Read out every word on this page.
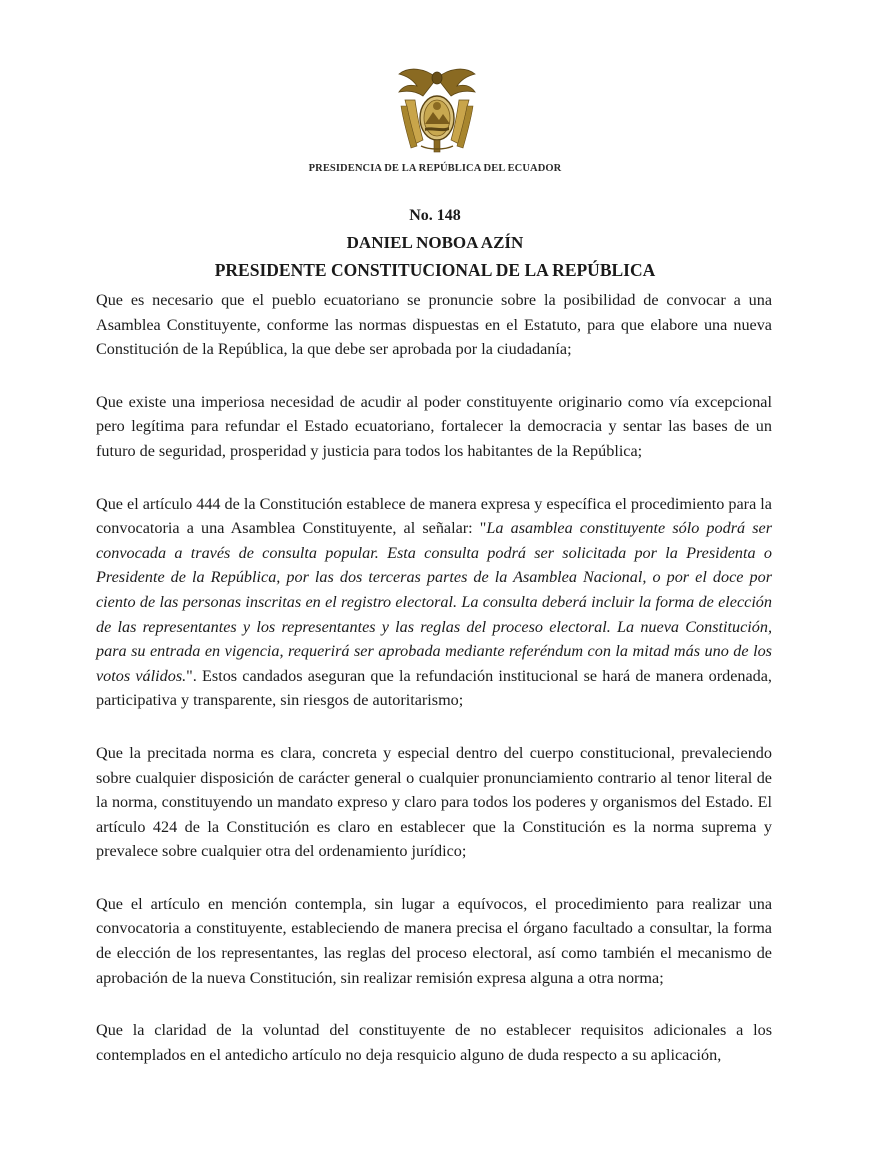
PRESIDENCIA DE LA REPÚBLICA DEL ECUADOR
No. 148
DANIEL NOBOA AZÍN
PRESIDENTE CONSTITUCIONAL DE LA REPÚBLICA

Que es necesario que el pueblo ecuatoriano se pronuncie sobre la posibilidad de convocar a una Asamblea Constituyente, conforme las normas dispuestas en el Estatuto, para que elabore una nueva Constitución de la República, la que debe ser aprobada por la ciudadanía;

Que existe una imperiosa necesidad de acudir al poder constituyente originario como vía excepcional pero legítima para refundar el Estado ecuatoriano, fortalecer la democracia y sentar las bases de un futuro de seguridad, prosperidad y justicia para todos los habitantes de la República;

Que el artículo 444 de la Constitución establece de manera expresa y específica el procedimiento para la convocatoria a una Asamblea Constituyente, al señalar: "La asamblea constituyente sólo podrá ser convocada a través de consulta popular. Esta consulta podrá ser solicitada por la Presidenta o Presidente de la República, por las dos terceras partes de la Asamblea Nacional, o por el doce por ciento de las personas inscritas en el registro electoral. La consulta deberá incluir la forma de elección de las representantes y los representantes y las reglas del proceso electoral. La nueva Constitución, para su entrada en vigencia, requerirá ser aprobada mediante referéndum con la mitad más uno de los votos válidos.". Estos candados aseguran que la refundación institucional se hará de manera ordenada, participativa y transparente, sin riesgos de autoritarismo;

Que la precitada norma es clara, concreta y especial dentro del cuerpo constitucional, prevaleciendo sobre cualquier disposición de carácter general o cualquier pronunciamiento contrario al tenor literal de la norma, constituyendo un mandato expreso y claro para todos los poderes y organismos del Estado. El artículo 424 de la Constitución es claro en establecer que la Constitución es la norma suprema y prevalece sobre cualquier otra del ordenamiento jurídico;

Que el artículo en mención contempla, sin lugar a equívocos, el procedimiento para realizar una convocatoria a constituyente, estableciendo de manera precisa el órgano facultado a consultar, la forma de elección de los representantes, las reglas del proceso electoral, así como también el mecanismo de aprobación de la nueva Constitución, sin realizar remisión expresa alguna a otra norma;

Que la claridad de la voluntad del constituyente de no establecer requisitos adicionales a los contemplados en el antedicho artículo no deja resquicio alguno de duda respecto a su aplicación,
